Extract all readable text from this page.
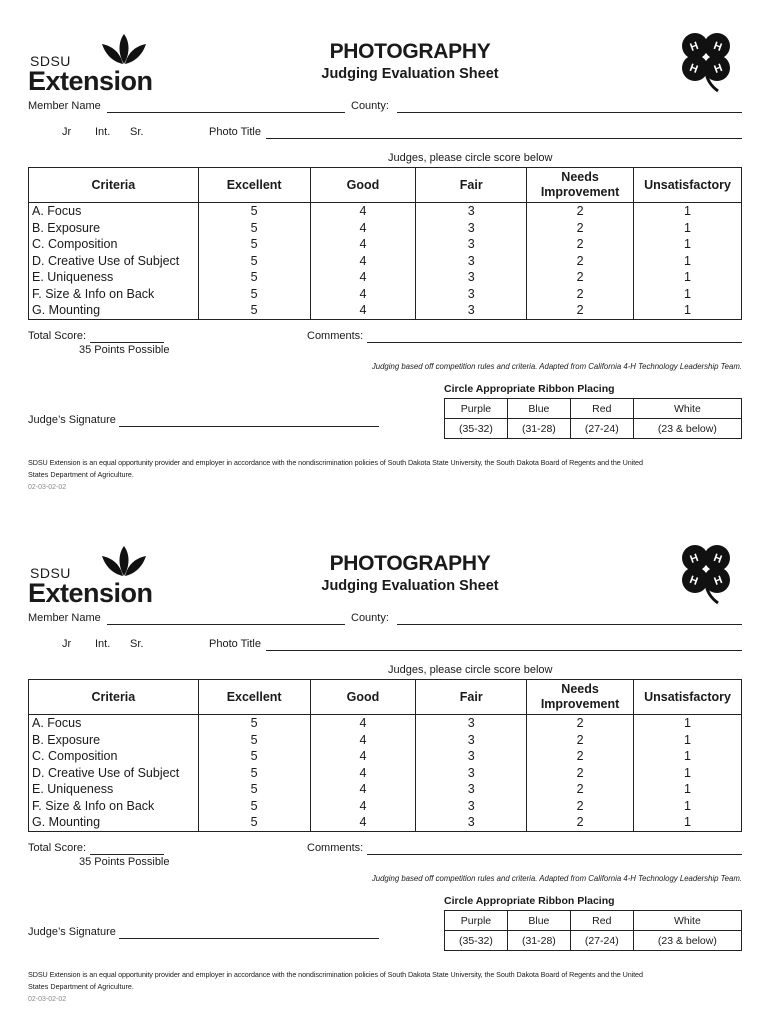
SDSU
Extension
PHOTOGRAPHY
Judging Evaluation Sheet
H H
H H
Member Name	County:
Jr Int. Sr.	Photo Title
Judges, please circle score below
Criteria	Excellent	Good	Fair	Needs Improvement	Unsatisfactory
A. Focus	5	4	3	2	1
B. Exposure	5	4	3	2	1
C. Composition	5	4	3	2	1
D. Creative Use of Subject	5	4	3	2	1
E. Uniqueness	5	4	3	2	1
F. Size & Info on Back	5	4	3	2	1
G. Mounting	5	4	3	2	1
Total Score:
35 Points Possible
Comments:
Judging based off competition rules and criteria. Adapted from California 4-H Technology Leadership Team.
Circle Appropriate Ribbon Placing
Purple	Blue	Red	White
(35-32)	(31-28)	(27-24)	(23 & below)
Judge’s Signature
SDSU Extension is an equal opportunity provider and employer in accordance with the nondiscrimination policies of South Dakota State University, the South Dakota Board of Regents and the United
States Department of Agriculture.
02-03-02-02
SDSU
Extension
PHOTOGRAPHY
Judging Evaluation Sheet
H H
H H
Member Name	County:
Jr Int. Sr.	Photo Title
Judges, please circle score below
Criteria	Excellent	Good	Fair	Needs Improvement	Unsatisfactory
A. Focus	5	4	3	2	1
B. Exposure	5	4	3	2	1
C. Composition	5	4	3	2	1
D. Creative Use of Subject	5	4	3	2	1
E. Uniqueness	5	4	3	2	1
F. Size & Info on Back	5	4	3	2	1
G. Mounting	5	4	3	2	1
Total Score:
35 Points Possible
Comments:
Judging based off competition rules and criteria. Adapted from California 4-H Technology Leadership Team.
Circle Appropriate Ribbon Placing
Purple	Blue	Red	White
(35-32)	(31-28)	(27-24)	(23 & below)
Judge’s Signature
SDSU Extension is an equal opportunity provider and employer in accordance with the nondiscrimination policies of South Dakota State University, the South Dakota Board of Regents and the United
States Department of Agriculture.
02-03-02-02
